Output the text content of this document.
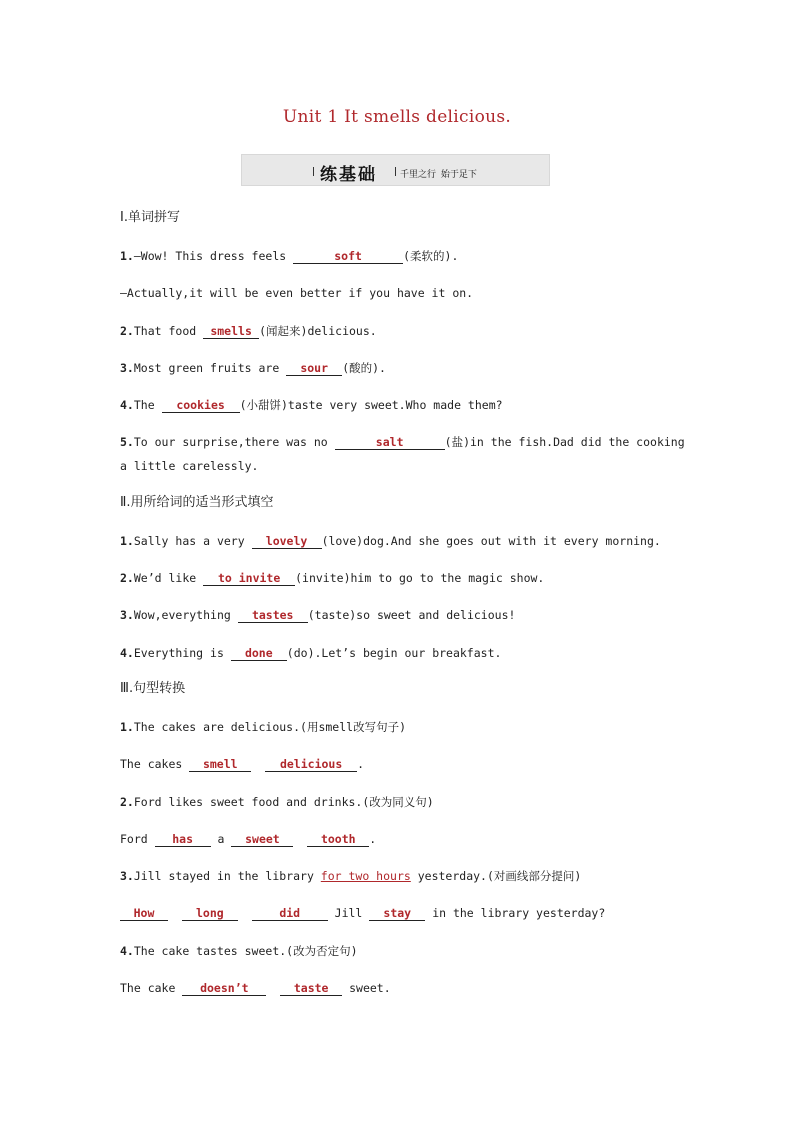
Unit 1 It smells delicious.
练基础	千里之行 始于足下
Ⅰ.单词拼写
1.—Wow! This dress feels	soft	(柔软的).
—Actually,it will be even better if you have it on.
2.That food smells (闻起来)delicious.
3.Most green fruits are sour (酸的).
4.The cookies (小甜饼)taste very sweet.Who made them?
5.To our surprise,there was no	salt	(盐)in the fish.Dad did the cooking
a little carelessly.
Ⅱ.用所给词的适当形式填空
1.Sally has a very lovely (love)dog.And she goes out with it every morning.
2.We’d like to invite (invite)him to go to the magic show.
3.Wow,everything tastes (taste)so sweet and delicious!
4.Everything is done (do).Let’s begin our breakfast.
Ⅲ.句型转换
1.The cakes are delicious.(用smell改写句子)
The cakes smell	delicious .
2.Ford likes sweet food and drinks.(改为同义句)
Ford has a sweet	tooth .
3.Jill stayed in the library for two hours yesterday.(对画线部分提问)
How	long	did Jill stay in the library yesterday?
4.The cake tastes sweet.(改为否定句)
The cake doesn’t	taste sweet.
